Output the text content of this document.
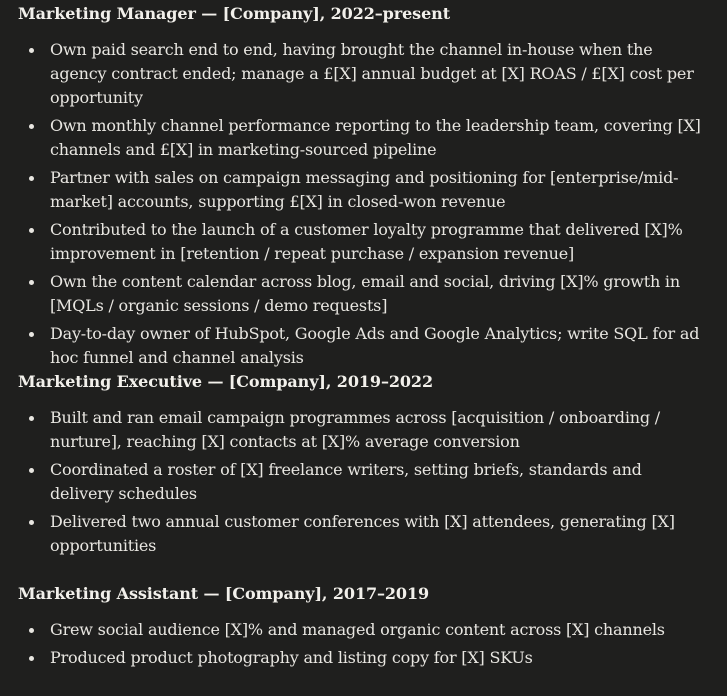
Marketing Manager — [Company], 2022–present
Own paid search end to end, having brought the channel in-house when the agency contract ended; manage a £[X] annual budget at [X] ROAS / £[X] cost per opportunity
Own monthly channel performance reporting to the leadership team, covering [X] channels and £[X] in marketing-sourced pipeline
Partner with sales on campaign messaging and positioning for [enterprise/mid-market] accounts, supporting £[X] in closed-won revenue
Contributed to the launch of a customer loyalty programme that delivered [X]% improvement in [retention / repeat purchase / expansion revenue]
Own the content calendar across blog, email and social, driving [X]% growth in [MQLs / organic sessions / demo requests]
Day-to-day owner of HubSpot, Google Ads and Google Analytics; write SQL for ad hoc funnel and channel analysis
Marketing Executive — [Company], 2019–2022
Built and ran email campaign programmes across [acquisition / onboarding / nurture], reaching [X] contacts at [X]% average conversion
Coordinated a roster of [X] freelance writers, setting briefs, standards and delivery schedules
Delivered two annual customer conferences with [X] attendees, generating [X] opportunities
Marketing Assistant — [Company], 2017–2019
Grew social audience [X]% and managed organic content across [X] channels
Produced product photography and listing copy for [X] SKUs
